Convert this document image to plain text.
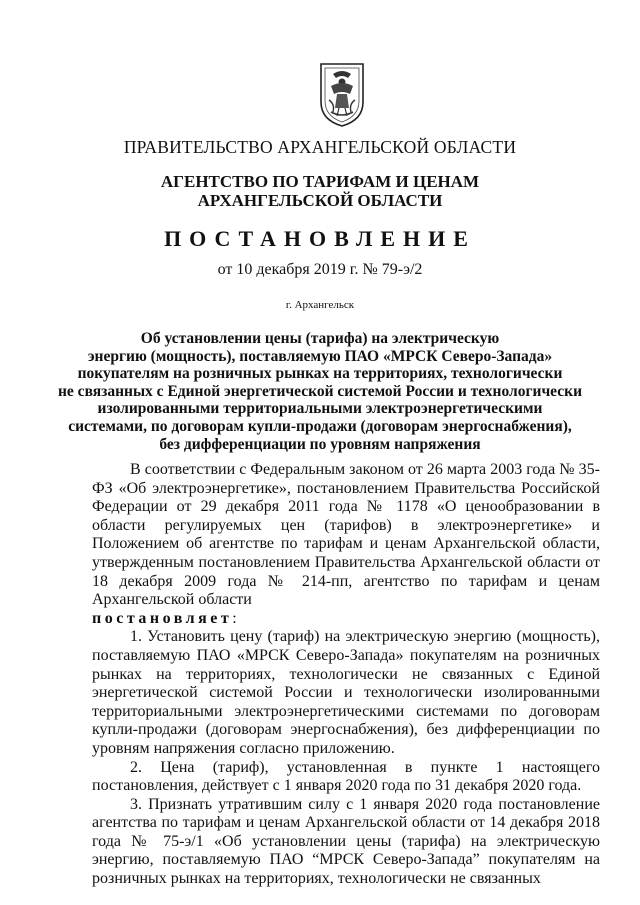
ПРАВИТЕЛЬСТВО АРХАНГЕЛЬСКОЙ ОБЛАСТИ
АГЕНТСТВО ПО ТАРИФАМ И ЦЕНАМ
АРХАНГЕЛЬСКОЙ ОБЛАСТИ
ПОСТАНОВЛЕНИЕ
от 10 декабря 2019 г. № 79-э/2
г. Архангельск
Об установлении цены (тарифа) на электрическую
энергию (мощность), поставляемую ПАО «МРСК Северо-Запада»
покупателям на розничных рынках на территориях, технологически
не связанных с Единой энергетической системой России и технологически
изолированными территориальными электроэнергетическими
системами, по договорам купли-продажи (договорам энергоснабжения),
без дифференциации по уровням напряжения

В соответствии с Федеральным законом от 26 марта 2003 года № 35-ФЗ «Об электроэнергетике», постановлением Правительства Российской Федерации от 29 декабря 2011 года № 1178 «О ценообразовании в области регулируемых цен (тарифов) в электроэнергетике» и Положением об агентстве по тарифам и ценам Архангельской области, утвержденным постановлением Правительства Архангельской области от 18 декабря 2009 года № 214-пп, агентство по тарифам и ценам Архангельской области

постановляет:

1. Установить цену (тариф) на электрическую энергию (мощность), поставляемую ПАО «МРСК Северо-Запада» покупателям на розничных рынках на территориях, технологически не связанных с Единой энергетической системой России и технологически изолированными территориальными электроэнергетическими системами по договорам купли-продажи (договорам энергоснабжения), без дифференциации по уровням напряжения согласно приложению.

2. Цена (тариф), установленная в пункте 1 настоящего постановления, действует с 1 января 2020 года по 31 декабря 2020 года.

3. Признать утратившим силу с 1 января 2020 года постановление агентства по тарифам и ценам Архангельской области от 14 декабря 2018 года № 75-э/1 «Об установлении цены (тарифа) на электрическую энергию, поставляемую ПАО “МРСК Северо-Запада” покупателям на розничных рынках на территориях, технологически не связанных
